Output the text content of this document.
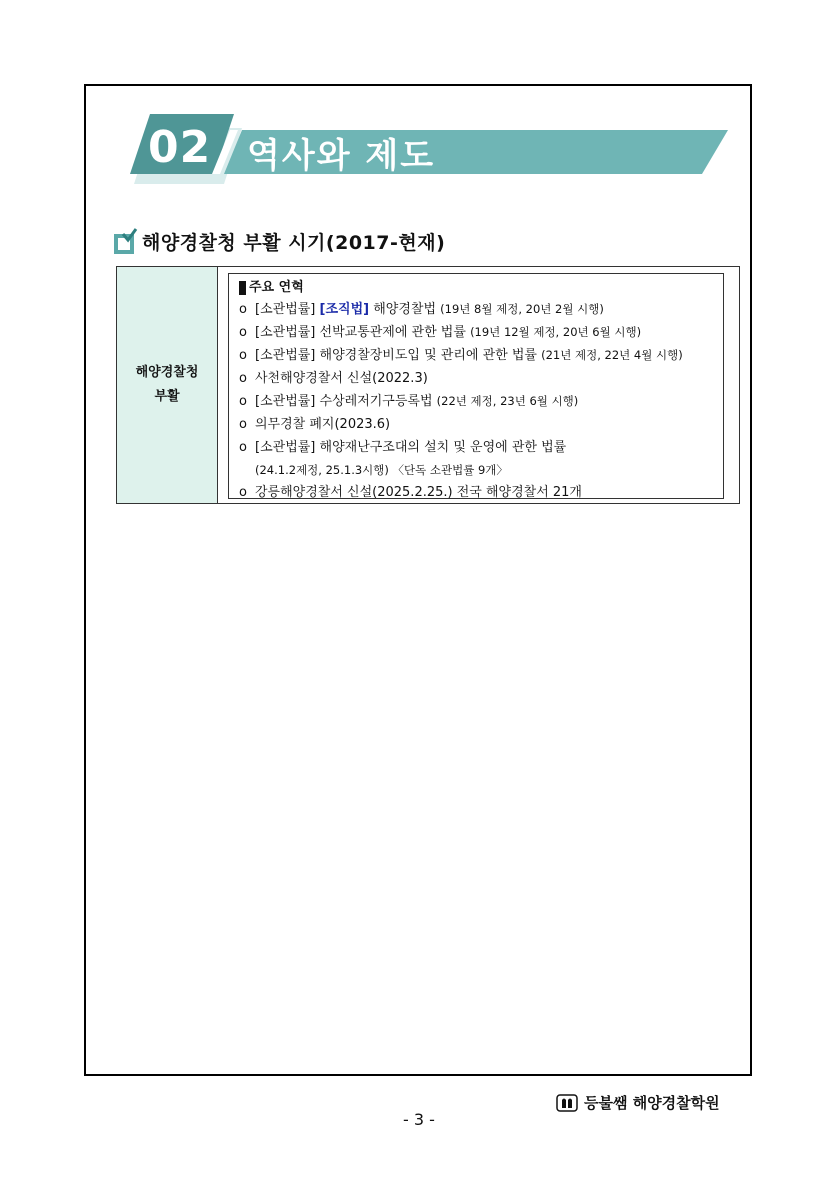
02 역사와 제도
해양경찰청 부활 시기(2017-현재)
해양경찰청
부활
주요 연혁
o [소관법률] [조직법] 해양경찰법 (19년 8월 제정, 20년 2월 시행)
o [소관법률] 선박교통관제에 관한 법률 (19년 12월 제정, 20년 6월 시행)
o [소관법률] 해양경찰장비도입 및 관리에 관한 법률 (21년 제정, 22년 4월 시행)
o 사천해양경찰서 신설(2022.3)
o [소관법률] 수상레저기구등록법 (22년 제정, 23년 6월 시행)
o 의무경찰 폐지(2023.6)
o [소관법률] 해양재난구조대의 설치 및 운영에 관한 법률
(24.1.2제정, 25.1.3시행) 〈단독 소관법률 9개〉
o 강릉해양경찰서 신설(2025.2.25.) 전국 해양경찰서 21개
등불쌤 해양경찰학원
- 3 -
